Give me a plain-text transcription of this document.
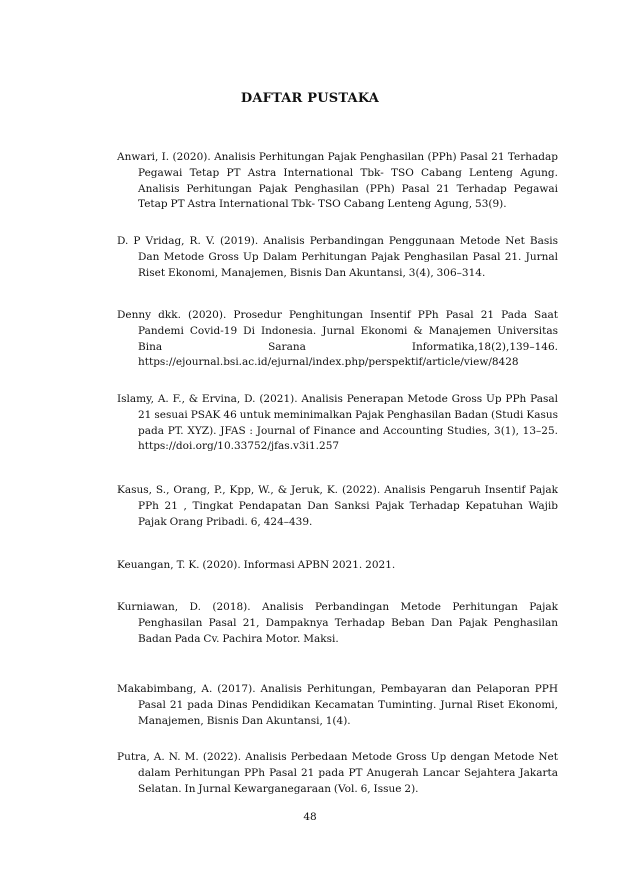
DAFTAR PUSTAKA

Anwari, I. (2020). Analisis Perhitungan Pajak Penghasilan (PPh) Pasal 21 Terhadap Pegawai Tetap PT Astra International Tbk- TSO Cabang Lenteng Agung. Analisis Perhitungan Pajak Penghasilan (PPh) Pasal 21 Terhadap Pegawai Tetap PT Astra International Tbk- TSO Cabang Lenteng Agung, 53(9).

D. P Vridag, R. V. (2019). Analisis Perbandingan Penggunaan Metode Net Basis Dan Metode Gross Up Dalam Perhitungan Pajak Penghasilan Pasal 21. Jurnal Riset Ekonomi, Manajemen, Bisnis Dan Akuntansi, 3(4), 306–314.

Denny dkk. (2020). Prosedur Penghitungan Insentif PPh Pasal 21 Pada Saat Pandemi Covid-19 Di Indonesia. Jurnal Ekonomi & Manajemen Universitas Bina Sarana Informatika,18(2),139–146. https://ejournal.bsi.ac.id/ejurnal/index.php/perspektif/article/view/8428

Islamy, A. F., & Ervina, D. (2021). Analisis Penerapan Metode Gross Up PPh Pasal 21 sesuai PSAK 46 untuk meminimalkan Pajak Penghasilan Badan (Studi Kasus pada PT. XYZ). JFAS : Journal of Finance and Accounting Studies, 3(1), 13–25. https://doi.org/10.33752/jfas.v3i1.257

Kasus, S., Orang, P., Kpp, W., & Jeruk, K. (2022). Analisis Pengaruh Insentif Pajak PPh 21 , Tingkat Pendapatan Dan Sanksi Pajak Terhadap Kepatuhan Wajib Pajak Orang Pribadi. 6, 424–439.

Keuangan, T. K. (2020). Informasi APBN 2021. 2021.

Kurniawan, D. (2018). Analisis Perbandingan Metode Perhitungan Pajak Penghasilan Pasal 21, Dampaknya Terhadap Beban Dan Pajak Penghasilan Badan Pada Cv. Pachira Motor. Maksi.

Makabimbang, A. (2017). Analisis Perhitungan, Pembayaran dan Pelaporan PPH Pasal 21 pada Dinas Pendidikan Kecamatan Tuminting. Jurnal Riset Ekonomi, Manajemen, Bisnis Dan Akuntansi, 1(4).

Putra, A. N. M. (2022). Analisis Perbedaan Metode Gross Up dengan Metode Net dalam Perhitungan PPh Pasal 21 pada PT Anugerah Lancar Sejahtera Jakarta Selatan. In Jurnal Kewarganegaraan (Vol. 6, Issue 2).

48
